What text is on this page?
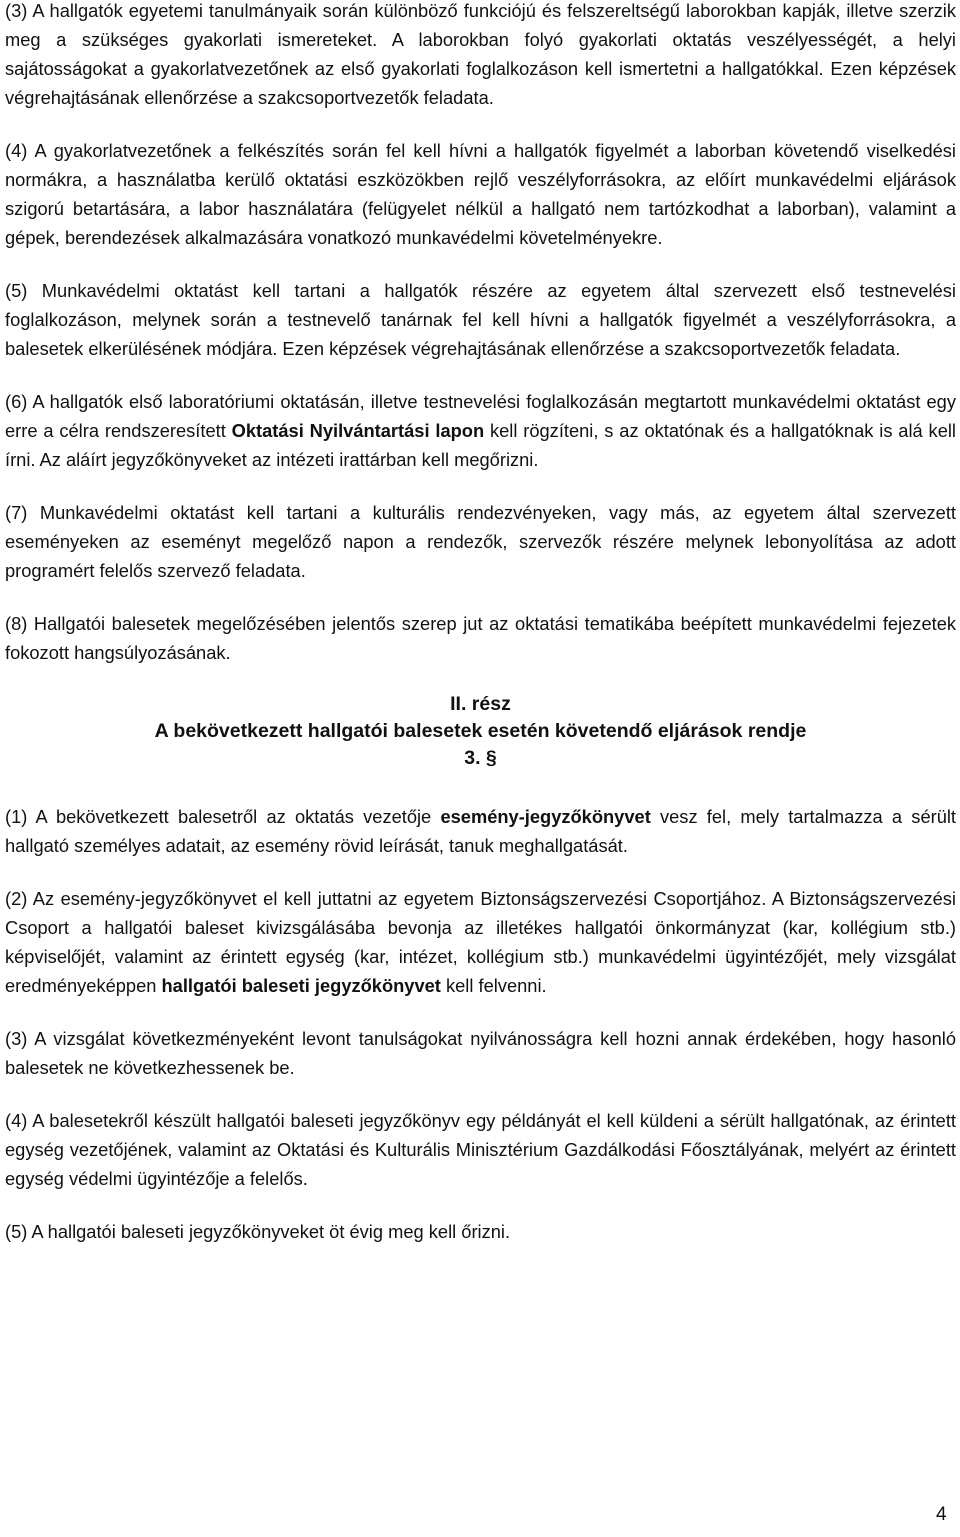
(3) A hallgatók egyetemi tanulmányaik során különböző funkciójú és felszereltségű laborokban kapják, illetve szerzik meg a szükséges gyakorlati ismereteket. A laborokban folyó gyakorlati oktatás veszélyességét, a helyi sajátosságokat a gyakorlatvezetőnek az első gyakorlati foglalkozáson kell ismertetni a hallgatókkal. Ezen képzések végrehajtásának ellenőrzése a szakcsoportvezetők feladata.

(4) A gyakorlatvezetőnek a felkészítés során fel kell hívni a hallgatók figyelmét a laborban követendő viselkedési normákra, a használatba kerülő oktatási eszközökben rejlő veszélyforrásokra, az előírt munkavédelmi eljárások szigorú betartására, a labor használatára (felügyelet nélkül a hallgató nem tartózkodhat a laborban), valamint a gépek, berendezések alkalmazására vonatkozó munkavédelmi követelményekre.

(5) Munkavédelmi oktatást kell tartani a hallgatók részére az egyetem által szervezett első testnevelési foglalkozáson, melynek során a testnevelő tanárnak fel kell hívni a hallgatók figyelmét a veszélyforrásokra, a balesetek elkerülésének módjára. Ezen képzések végrehajtásának ellenőrzése a szakcsoportvezetők feladata.

(6) A hallgatók első laboratóriumi oktatásán, illetve testnevelési foglalkozásán megtartott munkavédelmi oktatást egy erre a célra rendszeresített Oktatási Nyilvántartási lapon kell rögzíteni, s az oktatónak és a hallgatóknak is alá kell írni. Az aláírt jegyzőkönyveket az intézeti irattárban kell megőrizni.

(7) Munkavédelmi oktatást kell tartani a kulturális rendezvényeken, vagy más, az egyetem által szervezett eseményeken az eseményt megelőző napon a rendezők, szervezők részére melynek lebonyolítása az adott programért felelős szervező feladata.

(8) Hallgatói balesetek megelőzésében jelentős szerep jut az oktatási tematikába beépített munkavédelmi fejezetek fokozott hangsúlyozásának.

II. rész
A bekövetkezett hallgatói balesetek esetén követendő eljárások rendje
3. §

(1) A bekövetkezett balesetről az oktatás vezetője esemény-jegyzőkönyvet vesz fel, mely tartalmazza a sérült hallgató személyes adatait, az esemény rövid leírását, tanuk meghallgatását.

(2) Az esemény-jegyzőkönyvet el kell juttatni az egyetem Biztonságszervezési Csoportjához. A Biztonságszervezési Csoport a hallgatói baleset kivizsgálásába bevonja az illetékes hallgatói önkormányzat (kar, kollégium stb.) képviselőjét, valamint az érintett egység (kar, intézet, kollégium stb.) munkavédelmi ügyintézőjét, mely vizsgálat eredményeképpen hallgatói baleseti jegyzőkönyvet kell felvenni.

(3) A vizsgálat következményeként levont tanulságokat nyilvánosságra kell hozni annak érdekében, hogy hasonló balesetek ne következhessenek be.

(4) A balesetekről készült hallgatói baleseti jegyzőkönyv egy példányát el kell küldeni a sérült hallgatónak, az érintett egység vezetőjének, valamint az Oktatási és Kulturális Minisztérium Gazdálkodási Főosztályának, melyért az érintett egység védelmi ügyintézője a felelős.

(5) A hallgatói baleseti jegyzőkönyveket öt évig meg kell őrizni.

4
